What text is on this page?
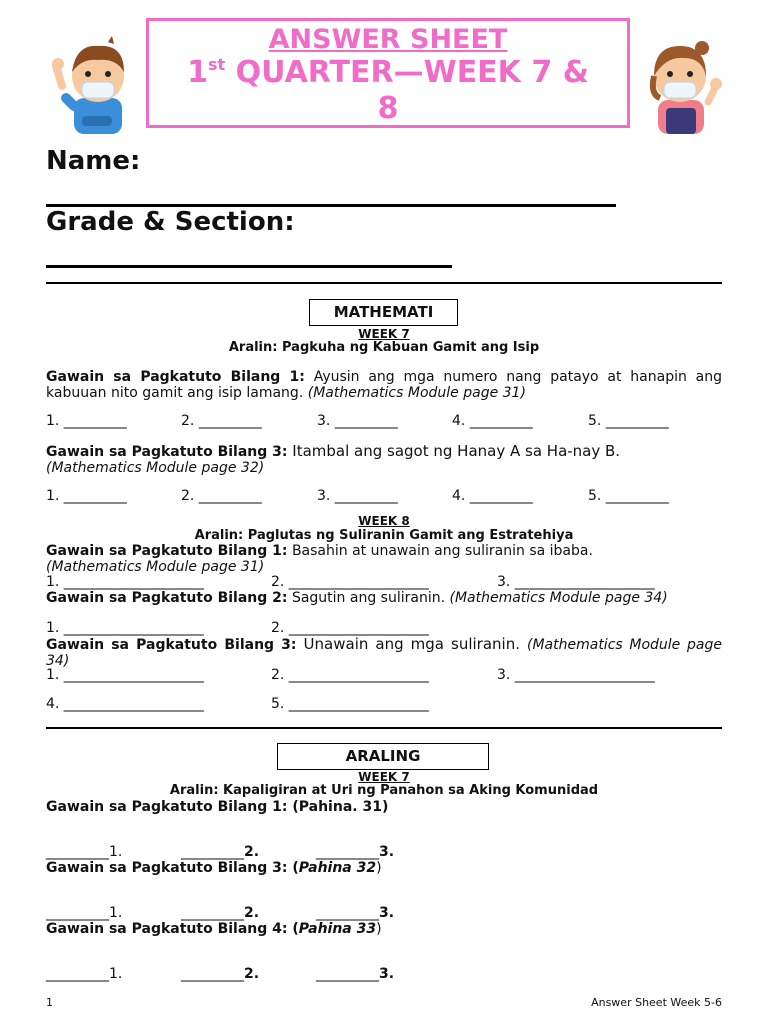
ANSWER SHEET
1st QUARTER—WEEK 7 &
8
Name:
Grade & Section:
MATHEMATI
WEEK 7
Aralin: Pagkuha ng Kabuan Gamit ang Isip
Gawain sa Pagkatuto Bilang 1: Ayusin ang mga numero nang patayo at hanapin ang kabuuan nito gamit ang isip lamang. (Mathematics Module page 31)
1. _________	2. _________	3. _________	4. _________	5. _________
Gawain sa Pagkatuto Bilang 3: Itambal ang sagot ng Hanay A sa Ha-nay B.
(Mathematics Module page 32)
1. _________	2. _________	3. _________	4. _________	5. _________
WEEK 8
Aralin: Paglutas ng Suliranin Gamit ang Estratehiya
Gawain sa Pagkatuto Bilang 1: Basahin at unawain ang suliranin sa ibaba.
(Mathematics Module page 31)
1. ____________________	2. ____________________	3. ____________________
Gawain sa Pagkatuto Bilang 2: Sagutin ang suliranin. (Mathematics Module page 34)
1. ____________________	2. ____________________
Gawain sa Pagkatuto Bilang 3: Unawain ang mga suliranin. (Mathematics Module page 34)
1. ____________________	2. ____________________	3. ____________________
4. ____________________	5. ____________________
ARALING
WEEK 7
Aralin: Kapaligiran at Uri ng Panahon sa Aking Komunidad
Gawain sa Pagkatuto Bilang 1: (Pahina. 31)
_________1.	_________2.	_________3.
Gawain sa Pagkatuto Bilang 3: (Pahina 32)
_________1.	_________2.	_________3.
Gawain sa Pagkatuto Bilang 4: (Pahina 33)
_________1.	_________2.	_________3.
1	Answer Sheet Week 5-6
